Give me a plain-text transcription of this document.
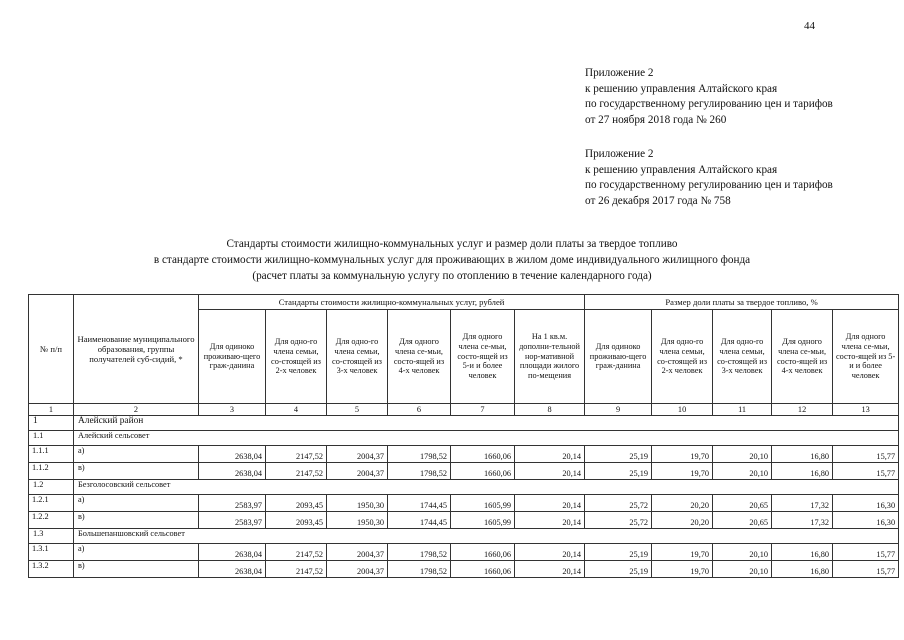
44
Приложение 2
к решению управления Алтайского края
по государственному регулированию цен и тарифов
от 27 ноября 2018 года № 260
Приложение 2
к решению управления Алтайского края
по государственному регулированию цен и тарифов
от 26 декабря 2017 года № 758
Стандарты стоимости жилищно-коммунальных услуг и размер доли платы за твердое топливо
в стандарте стоимости жилищно-коммунальных услуг для проживающих в жилом доме индивидуального жилищного фонда
(расчет платы за коммунальную услугу по отоплению в течение календарного года)
№ п/п	Наименование муниципального образования, группы получателей суб-сидий, *	Стандарты стоимости жилищно-коммунальных услуг, рублей						Размер доли платы за твердое топливо, %				
		Для одиноко проживаю-щего граж-данина	Для одно-го члена семьи, со-стоящей из 2-х человек	Для одно-го члена семьи, со-стоящей из 3-х человек	Для одного члена се-мьи, состо-ящей из 4-х человек	Для одного члена се-мьи, состо-ящей из 5-и и более человек	На 1 кв.м. дополни-тельной нор-мативной площади жилого по-мещения	Для одиноко проживаю-щего граж-данина	Для одно-го члена семьи, со-стоящей из 2-х человек	Для одно-го члена семьи, со-стоящей из 3-х человек	Для одного члена се-мьи, состо-ящей из 4-х человек	Для одного члена се-мьи, состо-ящей из 5-и и более человек
1	2	3	4	5	6	7	8	9	10	11	12	13
1	Алейский район											
1.1	Алейский сельсовет											
1.1.1	а)	2638,04	2147,52	2004,37	1798,52	1660,06	20,14	25,19	19,70	20,10	16,80	15,77
1.1.2	в)	2638,04	2147,52	2004,37	1798,52	1660,06	20,14	25,19	19,70	20,10	16,80	15,77
1.2	Безголосовский сельсовет											
1.2.1	а)	2583,97	2093,45	1950,30	1744,45	1605,99	20,14	25,72	20,20	20,65	17,32	16,30
1.2.2	в)	2583,97	2093,45	1950,30	1744,45	1605,99	20,14	25,72	20,20	20,65	17,32	16,30
1.3	Большепаншовский сельсовет											
1.3.1	а)	2638,04	2147,52	2004,37	1798,52	1660,06	20,14	25,19	19,70	20,10	16,80	15,77
1.3.2	в)	2638,04	2147,52	2004,37	1798,52	1660,06	20,14	25,19	19,70	20,10	16,80	15,77
